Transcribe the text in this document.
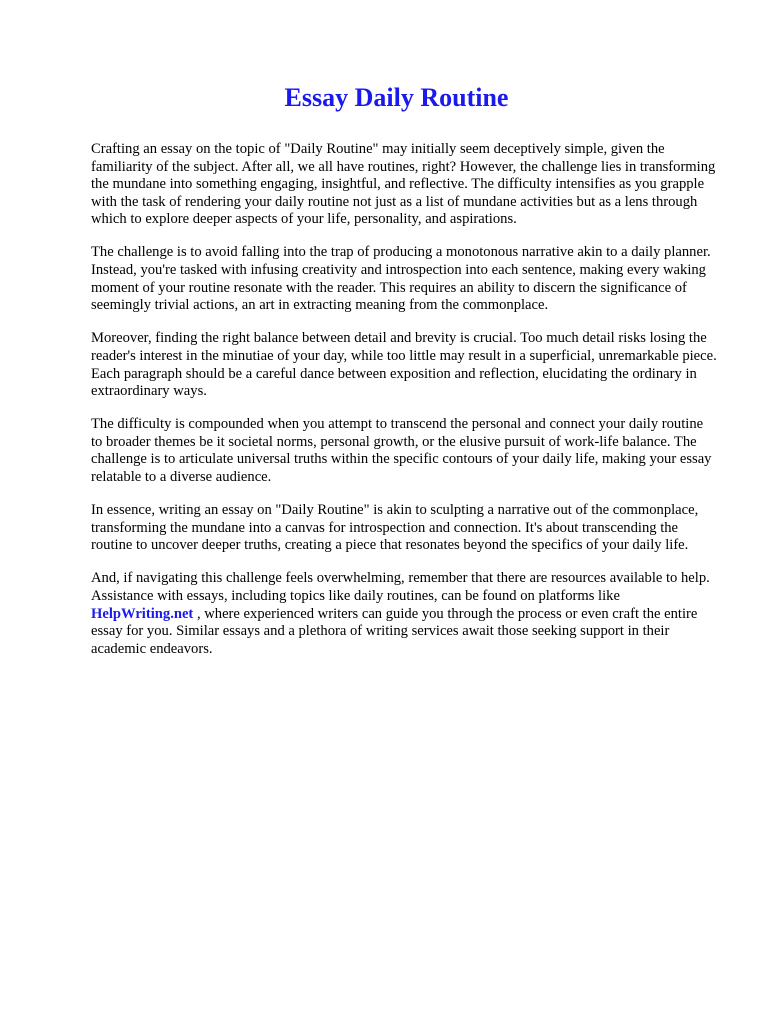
Essay Daily Routine

Crafting an essay on the topic of "Daily Routine" may initially seem deceptively simple, given the familiarity of the subject. After all, we all have routines, right? However, the challenge lies in transforming the mundane into something engaging, insightful, and reflective. The difficulty intensifies as you grapple with the task of rendering your daily routine not just as a list of mundane activities but as a lens through which to explore deeper aspects of your life, personality, and aspirations.

The challenge is to avoid falling into the trap of producing a monotonous narrative akin to a daily planner. Instead, you're tasked with infusing creativity and introspection into each sentence, making every waking moment of your routine resonate with the reader. This requires an ability to discern the significance of seemingly trivial actions, an art in extracting meaning from the commonplace.

Moreover, finding the right balance between detail and brevity is crucial. Too much detail risks losing the reader's interest in the minutiae of your day, while too little may result in a superficial, unremarkable piece. Each paragraph should be a careful dance between exposition and reflection, elucidating the ordinary in extraordinary ways.

The difficulty is compounded when you attempt to transcend the personal and connect your daily routine to broader themes be it societal norms, personal growth, or the elusive pursuit of work-life balance. The challenge is to articulate universal truths within the specific contours of your daily life, making your essay relatable to a diverse audience.

In essence, writing an essay on "Daily Routine" is akin to sculpting a narrative out of the commonplace, transforming the mundane into a canvas for introspection and connection. It's about transcending the routine to uncover deeper truths, creating a piece that resonates beyond the specifics of your daily life.

And, if navigating this challenge feels overwhelming, remember that there are resources available to help. Assistance with essays, including topics like daily routines, can be found on platforms like HelpWriting.net , where experienced writers can guide you through the process or even craft the entire essay for you. Similar essays and a plethora of writing services await those seeking support in their academic endeavors.
